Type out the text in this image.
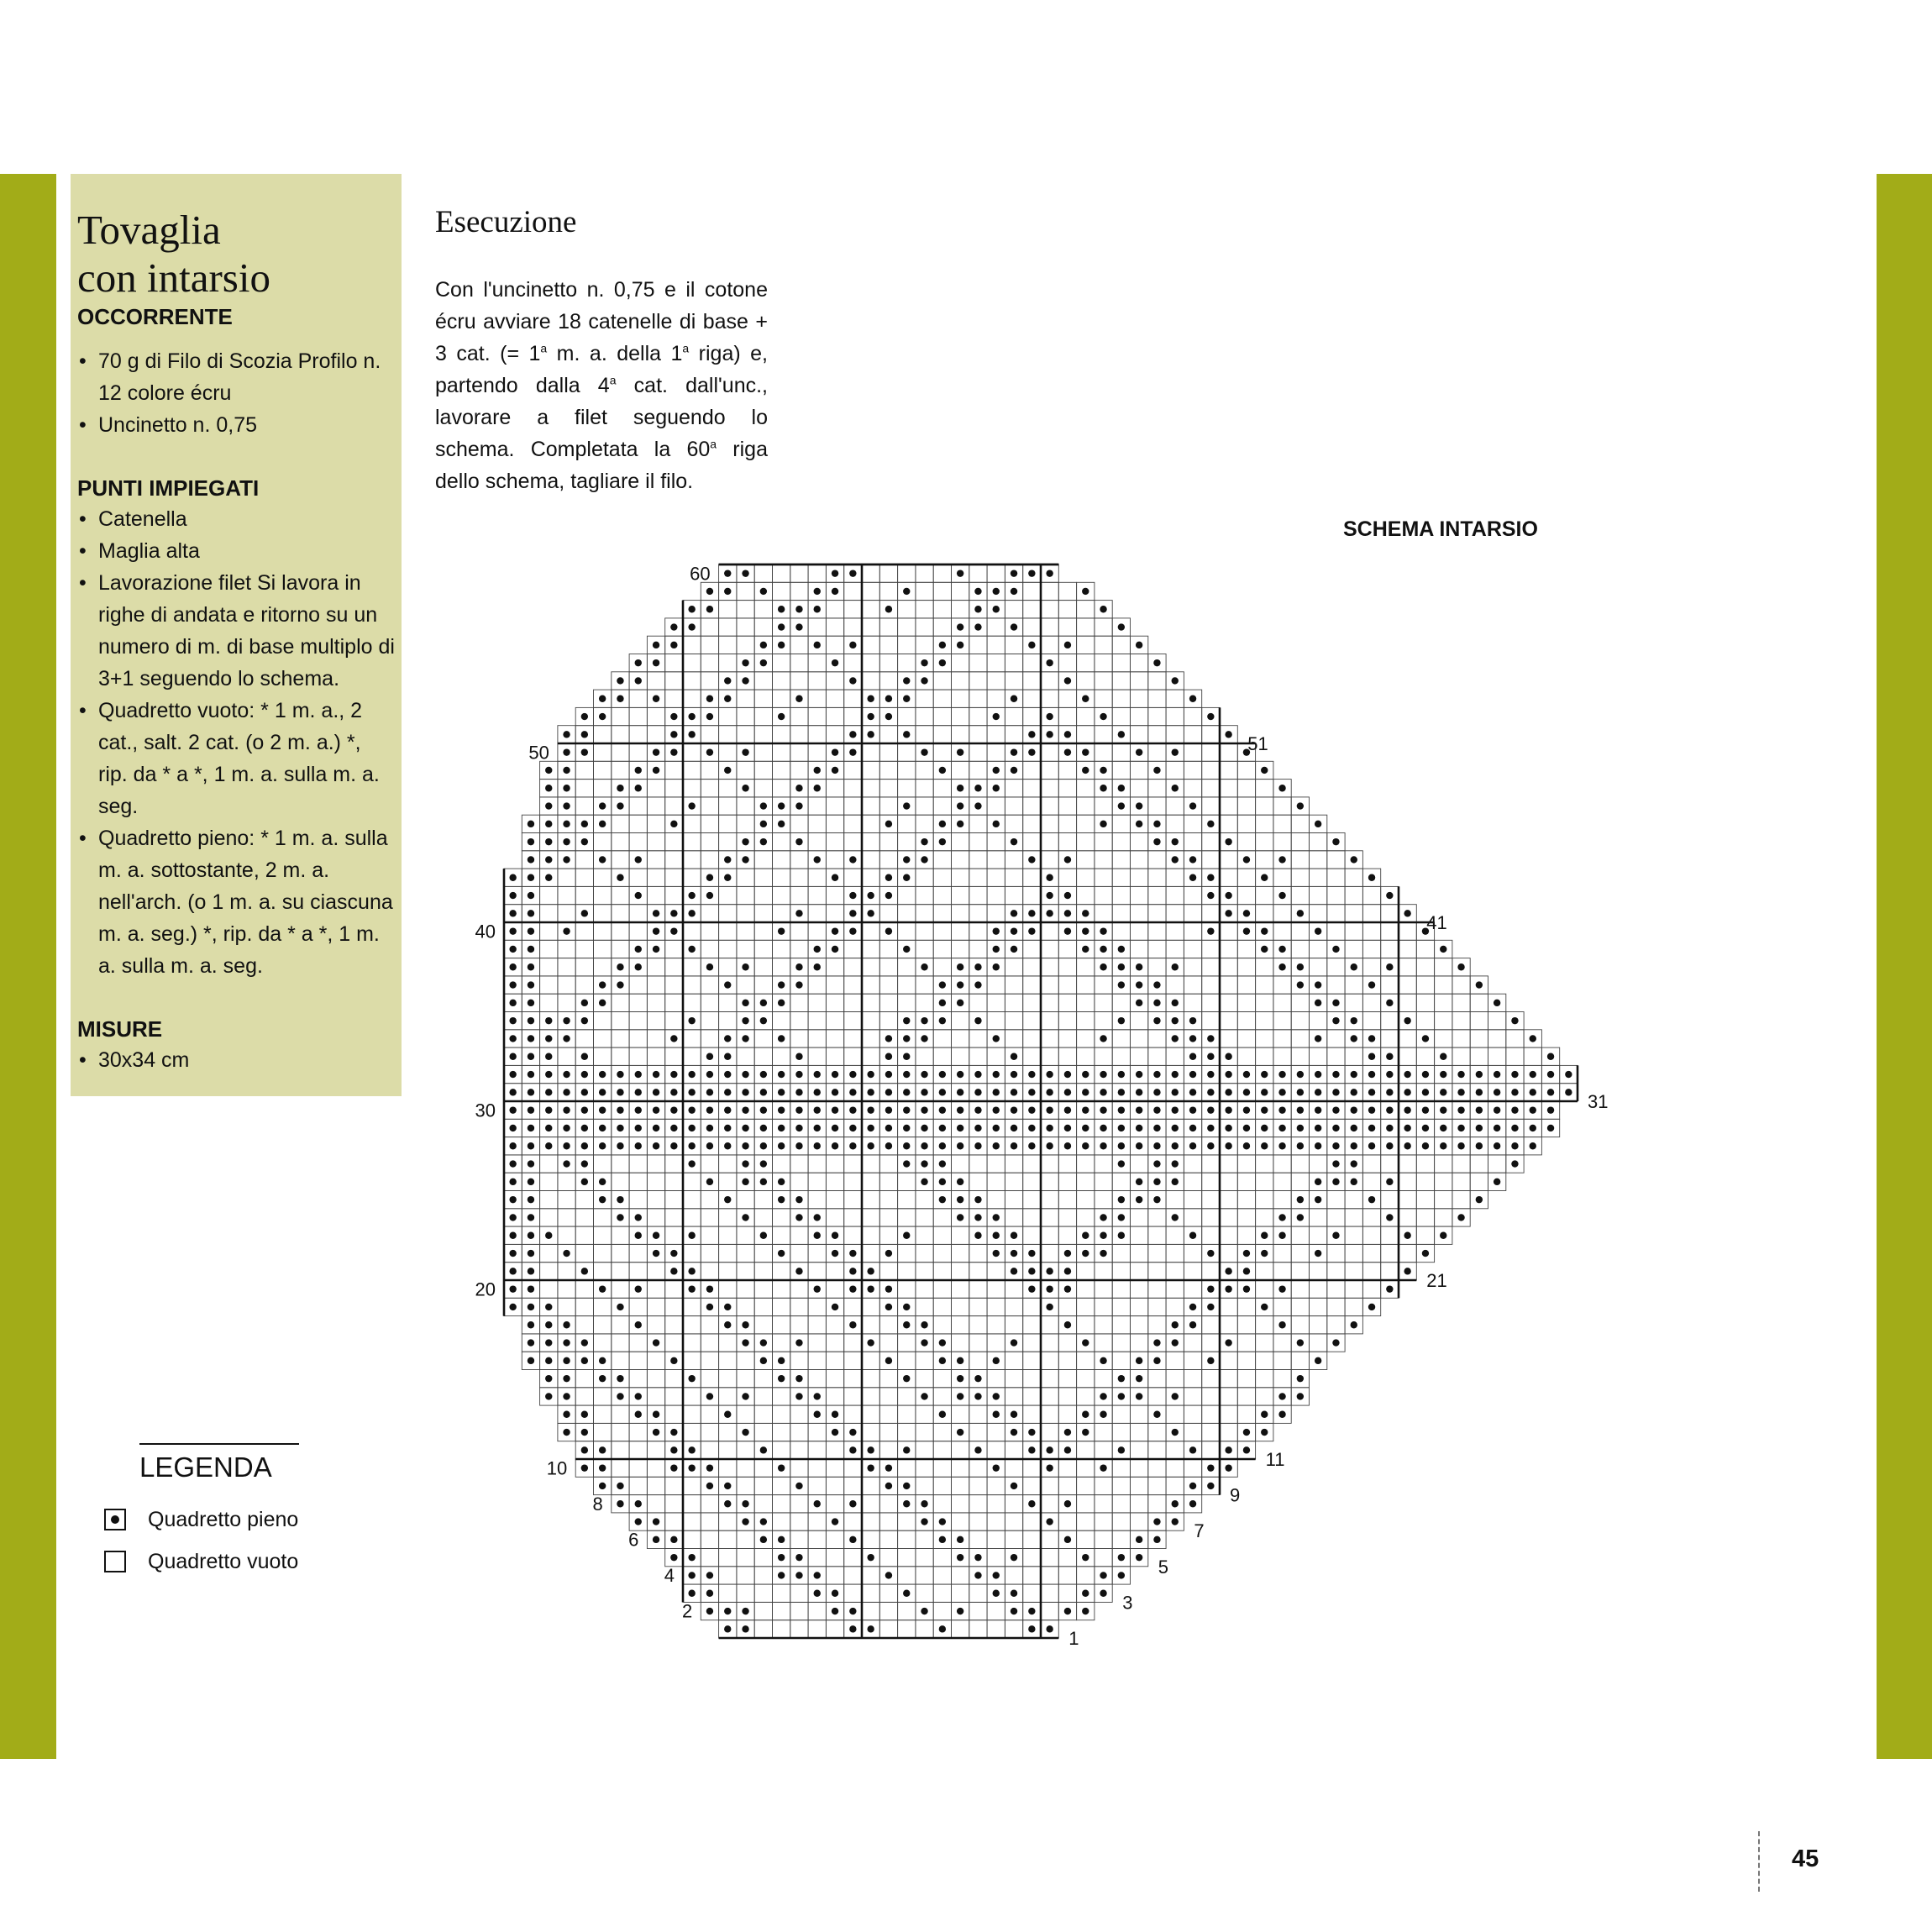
Tovaglia
con intarsio
OCCORRENTE
• 70 g di Filo di Scozia Profilo n. 12 colore écru
• Uncinetto n. 0,75
PUNTI IMPIEGATI
• Catenella
• Maglia alta
• Lavorazione filet Si lavora in righe di andata e ritorno su un numero di m. di base multiplo di 3+1 seguendo lo schema.
• Quadretto vuoto: * 1 m. a., 2 cat., salt. 2 cat. (o 2 m. a.) *, rip. da * a *, 1 m. a. sulla m. a. seg.
• Quadretto pieno: * 1 m. a. sulla m. a. sottostante, 2 m. a. nell'arch. (o 1 m. a. su ciascuna m. a. seg.) *, rip. da * a *, 1 m. a. sulla m. a. seg.
MISURE
• 30x34 cm
Esecuzione
Con l'uncinetto n. 0,75 e il cotone écru avviare 18 catenelle di base + 3 cat. (= $1^a$ m. a. della 1$^a$ riga) e, partendo dalla 4$^a$ cat. dall'unc., lavorare a filet seguendo lo schema. Completata la 60$^a$ riga dello schema, tagliare il filo.
SCHEMA INTARSIO
60
50
40
30
20
10
8
6
4
2
51
41
31
21
11
9
7
5
3
1
LEGENDA
Quadretto pieno
Quadretto vuoto
45
